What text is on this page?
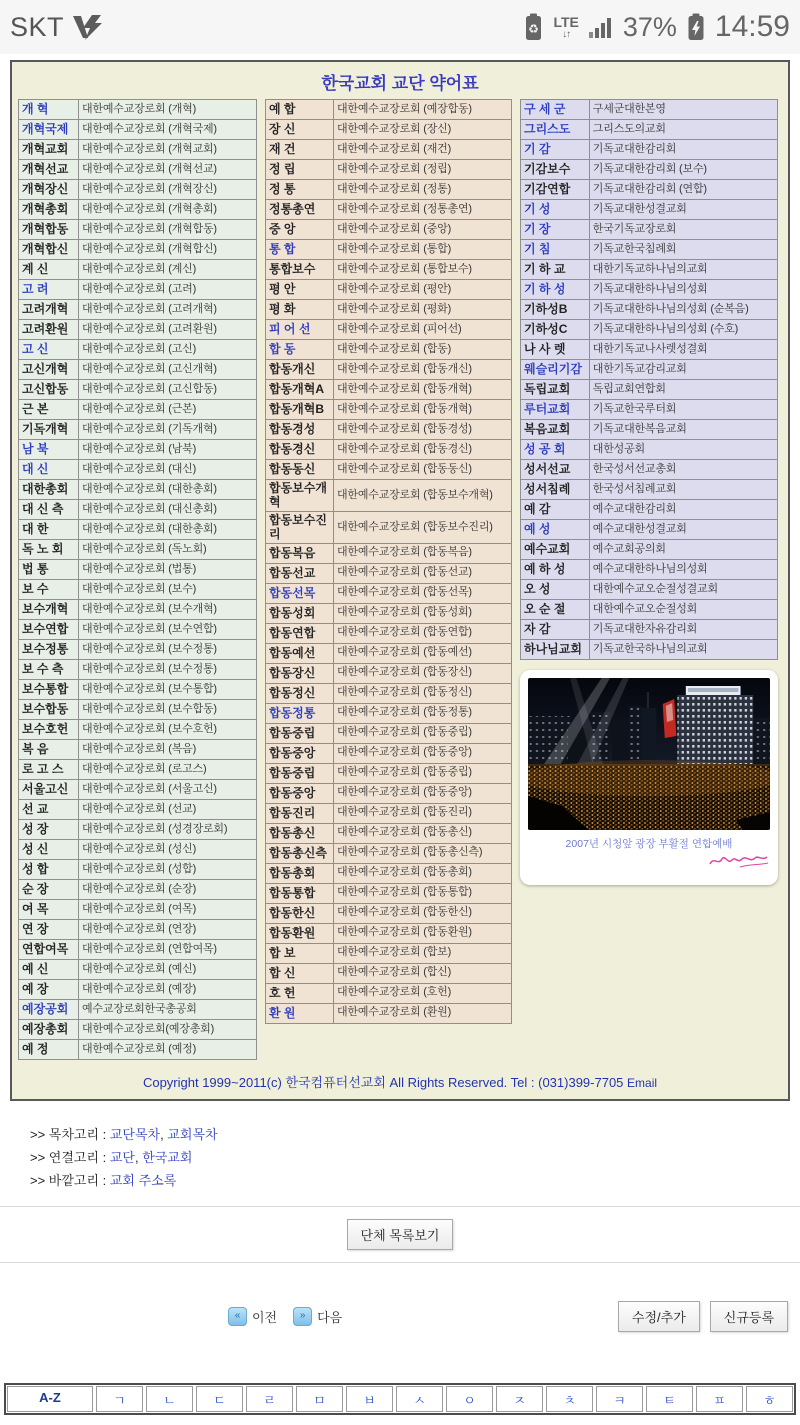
SKT	♻ LTE
↓↑ 37% 14:59
한국교회 교단 약어표
개 혁	대한예수교장로회 (개혁)
개혁국제	대한예수교장로회 (개혁국제)
개혁교회	대한예수교장로회 (개혁교회)
개혁선교	대한예수교장로회 (개혁선교)
개혁장신	대한예수교장로회 (개혁장신)
개혁총회	대한예수교장로회 (개혁총회)
개혁합동	대한예수교장로회 (개혁합동)
개혁합신	대한예수교장로회 (개혁합신)
계 신	대한예수교장로회 (계신)
고 려	대한예수교장로회 (고려)
고려개혁	대한예수교장로회 (고려개혁)
고려환원	대한예수교장로회 (고려환원)
고 신	대한예수교장로회 (고신)
고신개혁	대한예수교장로회 (고신개혁)
고신합동	대한예수교장로회 (고신합동)
근 본	대한예수교장로회 (근본)
기독개혁	대한예수교장로회 (기독개혁)
남 북	대한예수교장로회 (남북)
대 신	대한예수교장로회 (대신)
대한총회	대한예수교장로회 (대한총회)
대 신 측	대한예수교장로회 (대신총회)
대 한	대한예수교장로회 (대한총회)
독 노 회	대한예수교장로회 (독노회)
법 통	대한예수교장로회 (법통)
보 수	대한예수교장로회 (보수)
보수개혁	대한예수교장로회 (보수개혁)
보수연합	대한예수교장로회 (보수연합)
보수정통	대한예수교장로회 (보수정통)
보 수 측	대한예수교장로회 (보수정통)
보수통합	대한예수교장로회 (보수통합)
보수합동	대한예수교장로회 (보수합동)
보수호헌	대한예수교장로회 (보수호헌)
복 음	대한예수교장로회 (복음)
로 고 스	대한예수교장로회 (로고스)
서울고신	대한예수교장로회 (서울고신)
선 교	대한예수교장로회 (선교)
성 장	대한예수교장로회 (성경장로회)
성 신	대한예수교장로회 (성신)
성 합	대한예수교장로회 (성합)
순 장	대한예수교장로회 (순장)
여 목	대한예수교장로회 (여목)
연 장	대한예수교장로회 (연장)
연합여목	대한예수교장로회 (연합여목)
예 신	대한예수교장로회 (예신)
예 장	대한예수교장로회 (예장)
예장공회	예수교장로회한국총공회
예장총회	대한예수교장로회(예장총회)
예 정	대한예수교장로회 (예정)
예 합	대한예수교장로회 (예장합동)
장 신	대한예수교장로회 (장신)
재 건	대한예수교장로회 (재건)
정 립	대한예수교장로회 (정립)
정 통	대한예수교장로회 (정통)
정통총연	대한예수교장로회 (정통총연)
중 앙	대한예수교장로회 (중앙)
통 합	대한예수교장로회 (통합)
통합보수	대한예수교장로회 (통합보수)
평 안	대한예수교장로회 (평안)
평 화	대한예수교장로회 (평화)
피 어 선	대한예수교장로회 (피어선)
합 동	대한예수교장로회 (합동)
합동개신	대한예수교장로회 (합동개신)
합동개혁A	대한예수교장로회 (합동개혁)
합동개혁B	대한예수교장로회 (합동개혁)
합동경성	대한예수교장로회 (합동경성)
합동경신	대한예수교장로회 (합동경신)
합동동신	대한예수교장로회 (합동동신)
합동보수개혁	대한예수교장로회 (합동보수개혁)
합동보수진리	대한예수교장로회 (합동보수진리)
합동복음	대한예수교장로회 (합동복음)
합동선교	대한예수교장로회 (합동선교)
합동선목	대한예수교장로회 (합동선목)
합동성회	대한예수교장로회 (합동성회)
합동연합	대한예수교장로회 (합동연합)
합동예선	대한예수교장로회 (합동예선)
합동장신	대한예수교장로회 (합동장신)
합동정신	대한예수교장로회 (합동정신)
합동정통	대한예수교장로회 (합동정통)
합동중립	대한예수교장로회 (합동중립)
합동중앙	대한예수교장로회 (합동중앙)
합동중립	대한예수교장로회 (합동중립)
합동중앙	대한예수교장로회 (합동중앙)
합동진리	대한예수교장로회 (합동진리)
합동총신	대한예수교장로회 (합동총신)
합동총신측	대한예수교장로회 (합동총신측)
합동총회	대한예수교장로회 (합동총회)
합동통합	대한예수교장로회 (합동통합)
합동한신	대한예수교장로회 (합동한신)
합동환원	대한예수교장로회 (합동환원)
합 보	대한예수교장로회 (합보)
합 신	대한예수교장로회 (합신)
호 헌	대한예수교장로회 (호헌)
환 원	대한예수교장로회 (환원)
구 세 군	구세군대한본영
그리스도	그리스도의교회
기 감	기독교대한감리회
기감보수	기독교대한감리회 (보수)
기감연합	기독교대한감리회 (연합)
기 성	기독교대한성결교회
기 장	한국기독교장로회
기 침	기독교한국침례회
기 하 교	대한기독교하나님의교회
기 하 성	기독교대한하나님의성회
기하성B	기독교대한하나님의성회 (순복음)
기하성C	기독교대한하나님의성회 (수호)
나 사 렛	대한기독교나사렛성결회
웨슬리기감	대한기독교감리교회
독립교회	독립교회연합회
루터교회	기독교한국루터회
복음교회	기독교대한복음교회
성 공 회	대한성공회
성서선교	한국성서선교총회
성서침례	한국성서침례교회
예 감	예수교대한감리회
예 성	예수교대한성결교회
예수교회	예수교회공의회
예 하 성	예수교대한하나님의성회
오 성	대한예수교오순절성결교회
오 순 절	대한예수교오순절성회
자 감	기독교대한자유감리회
하나님교회	기독교한국하나님의교회
2007년 시청앞 광장 부활절 연합예배
Copyright 1999~2011(c) 한국컴퓨터선교회 All Rights Reserved. Tel : (031)399-7705 Email
>> 목차고리 : 교단목차, 교회목차
>> 연결고리 : 교단, 한국교회
>> 바깥고리 : 교회 주소록
단체 목록보기
« 이전	» 다음	수정/추가	신규등록
A-Z	ㄱ	ㄴ	ㄷ	ㄹ	ㅁ	ㅂ	ㅅ	ㅇ	ㅈ	ㅊ	ㅋ	ㅌ	ㅍ	ㅎ
